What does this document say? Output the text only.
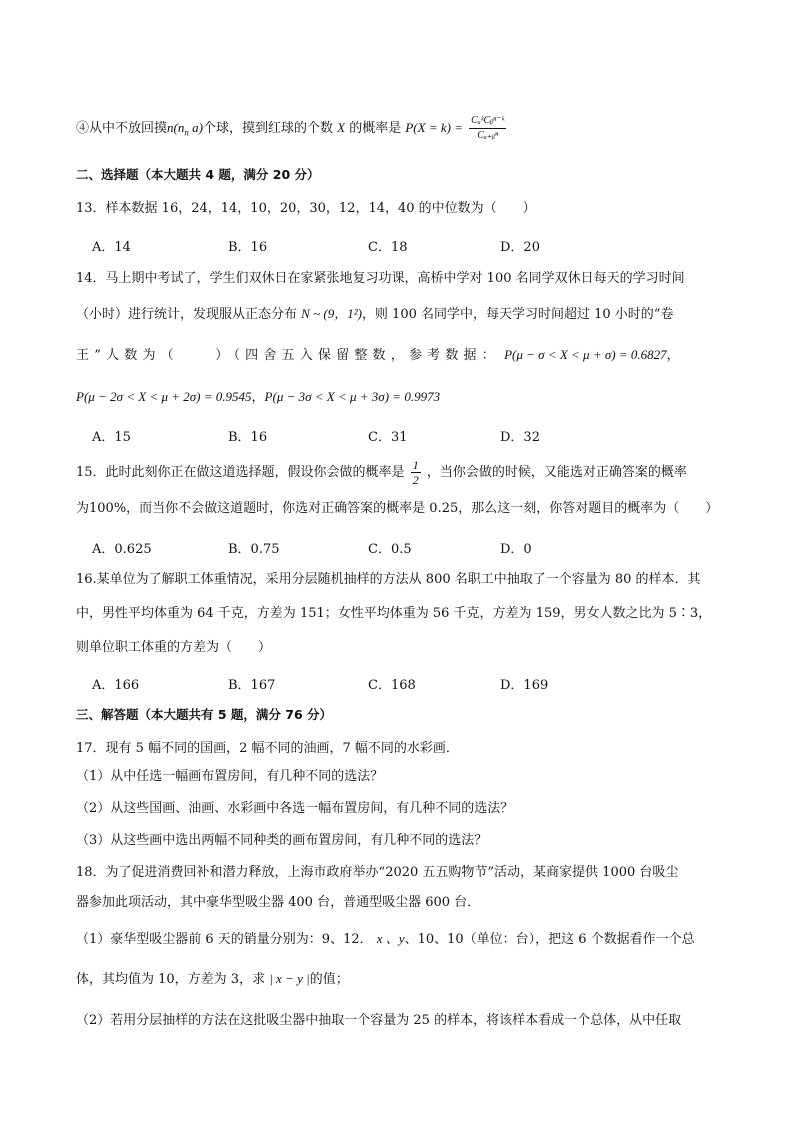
④从中不放回摸$n(n_n$ a)个球，摸到红球的个数 X 的概率是 $P(X = k) = \frac{\text{CₐᵏCᵦⁿ⁻ᵏ}}{\text{Cₐ₊ᵦⁿ}}$
二、选择题（本大题共 4 题，满分 20 分）
13．样本数据 16，24，14，10，20，30，12，14，40 的中位数为（　　）
A．14	B．16	C．18	D．20
14．马上期中考试了，学生们双休日在家紧张地复习功课，高桥中学对 100 名同学双休日每天的学习时间
（小时）进行统计，发现服从正态分布 N ~ (9，1²)，则 100 名同学中，每天学习时间超过 10 小时的“卷
王”人数为（　　）（四舍五入保留整数，参考数据： P(μ − σ < X < μ + σ) = 0.6827，
P(μ − 2σ < X < μ + 2σ) = 0.9545，P(μ − 3σ < X < μ + 3σ) = 0.9973
A．15	B．16	C．31	D．32
15．此时此刻你正在做这道选择题，假设你会做的概率是 $\frac{1}{2}$ ，当你会做的时候，又能选对正确答案的概率
为100%，而当你不会做这道题时，你选对正确答案的概率是 0.25，那么这一刻，你答对题目的概率为（　　）
A．0.625	B．0.75	C．0.5	D．0
16.某单位为了解职工体重情况，采用分层随机抽样的方法从 800 名职工中抽取了一个容量为 80 的样本．其
中，男性平均体重为 64 千克，方差为 151；女性平均体重为 56 千克，方差为 159，男女人数之比为 5∶3，
则单位职工体重的方差为（　　）
A．166	B．167	C．168	D．169
三、解答题（本大题共有 5 题，满分 76 分）
17．现有 5 幅不同的国画，2 幅不同的油画，7 幅不同的水彩画．
（1）从中任选一幅画布置房间，有几种不同的选法？
（2）从这些国画、油画、水彩画中各选一幅布置房间，有几种不同的选法？
（3）从这些画中选出两幅不同种类的画布置房间，有几种不同的选法？
18．为了促进消费回补和潜力释放，上海市政府举办“2020 五五购物节”活动，某商家提供 1000 台吸尘
器参加此项活动，其中豪华型吸尘器 400 台，普通型吸尘器 600 台．
（1）豪华型吸尘器前 6 天的销量分别为：9、12． x 、y、10、10（单位：台），把这 6 个数据看作一个总
体，其均值为 10，方差为 3，求 | x − y |的值；
（2）若用分层抽样的方法在这批吸尘器中抽取一个容量为 25 的样本，将该样本看成一个总体，从中任取
